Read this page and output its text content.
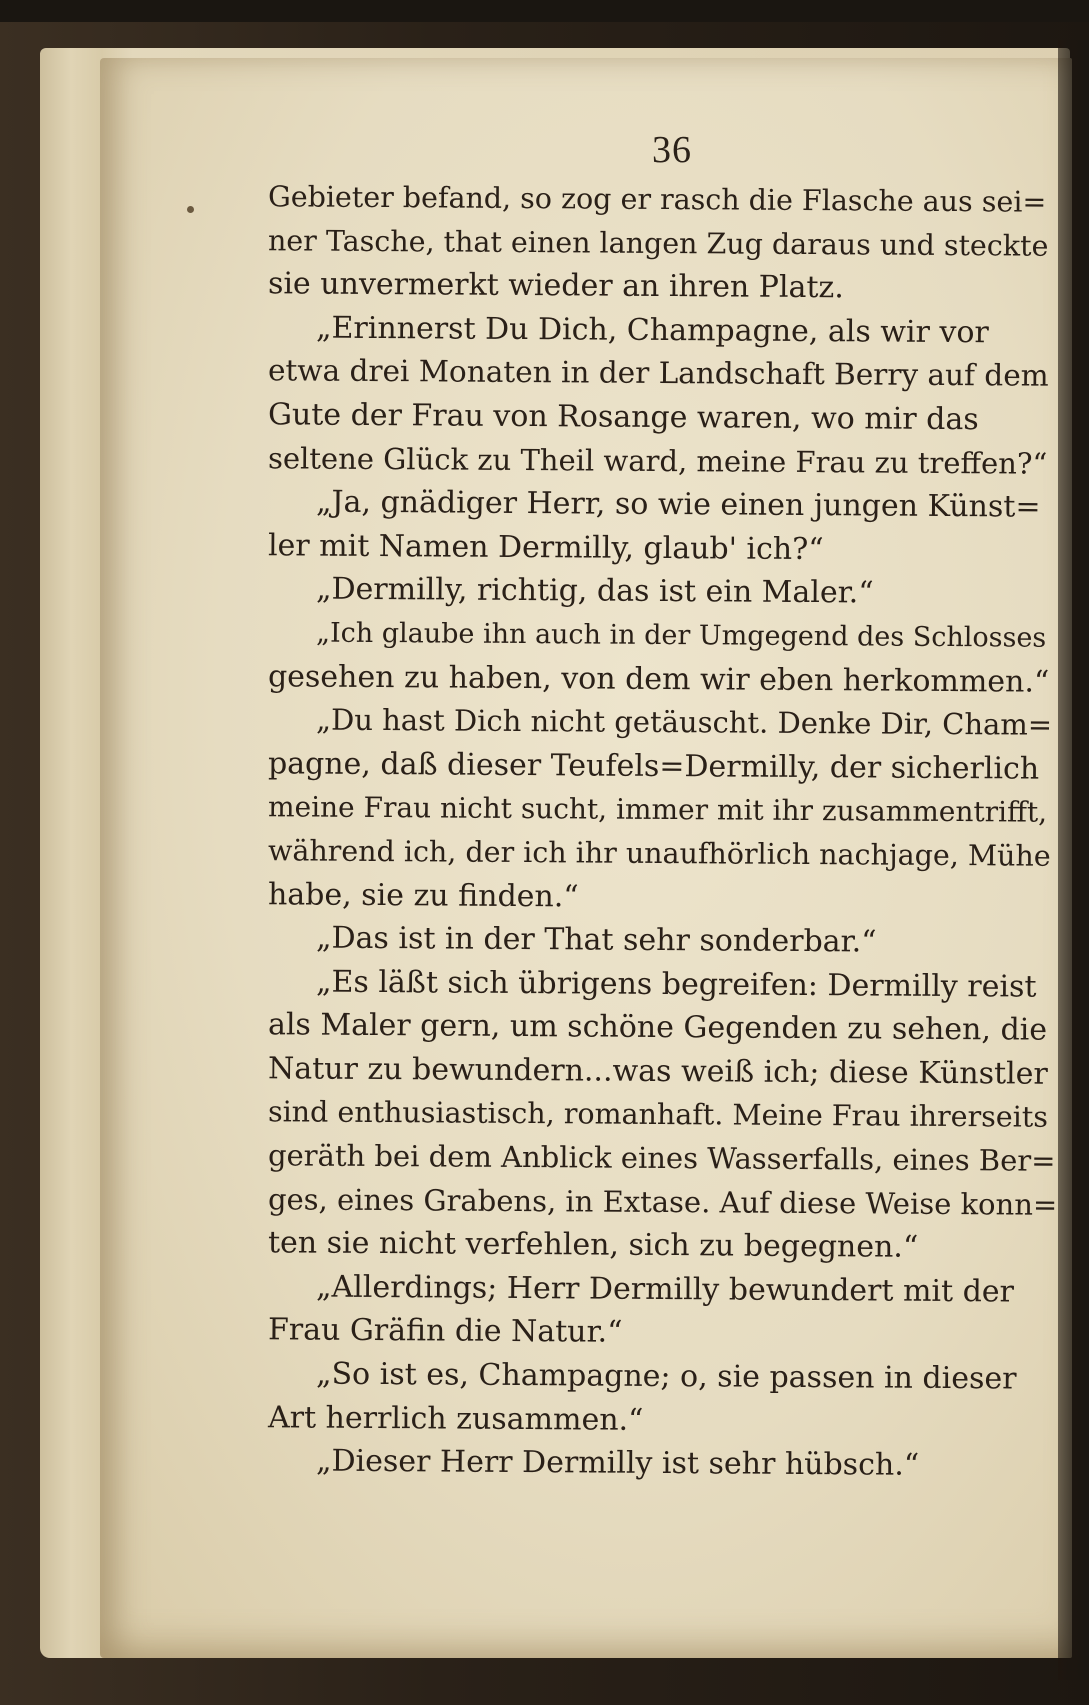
36
Gebieter befand, so zog er rasch die Flasche aus sei=
ner Tasche, that einen langen Zug daraus und steckte
sie unvermerkt wieder an ihren Platz.
„Erinnerst Du Dich, Champagne, als wir vor
etwa drei Monaten in der Landschaft Berry auf dem
Gute der Frau von Rosange waren, wo mir das
seltene Glück zu Theil ward, meine Frau zu treffen?“
„Ja, gnädiger Herr, so wie einen jungen Künst=
ler mit Namen Dermilly, glaub' ich?“
„Dermilly, richtig, das ist ein Maler.“
„Ich glaube ihn auch in der Umgegend des Schlosses
gesehen zu haben, von dem wir eben herkommen.“
„Du hast Dich nicht getäuscht. Denke Dir, Cham=
pagne, daß dieser Teufels=Dermilly, der sicherlich
meine Frau nicht sucht, immer mit ihr zusammentrifft,
während ich, der ich ihr unaufhörlich nachjage, Mühe
habe, sie zu finden.“
„Das ist in der That sehr sonderbar.“
„Es läßt sich übrigens begreifen: Dermilly reist
als Maler gern, um schöne Gegenden zu sehen, die
Natur zu bewundern...was weiß ich; diese Künstler
sind enthusiastisch, romanhaft. Meine Frau ihrerseits
geräth bei dem Anblick eines Wasserfalls, eines Ber=
ges, eines Grabens, in Extase. Auf diese Weise konn=
ten sie nicht verfehlen, sich zu begegnen.“
„Allerdings; Herr Dermilly bewundert mit der
Frau Gräfin die Natur.“
„So ist es, Champagne; o, sie passen in dieser
Art herrlich zusammen.“
„Dieser Herr Dermilly ist sehr hübsch.“
